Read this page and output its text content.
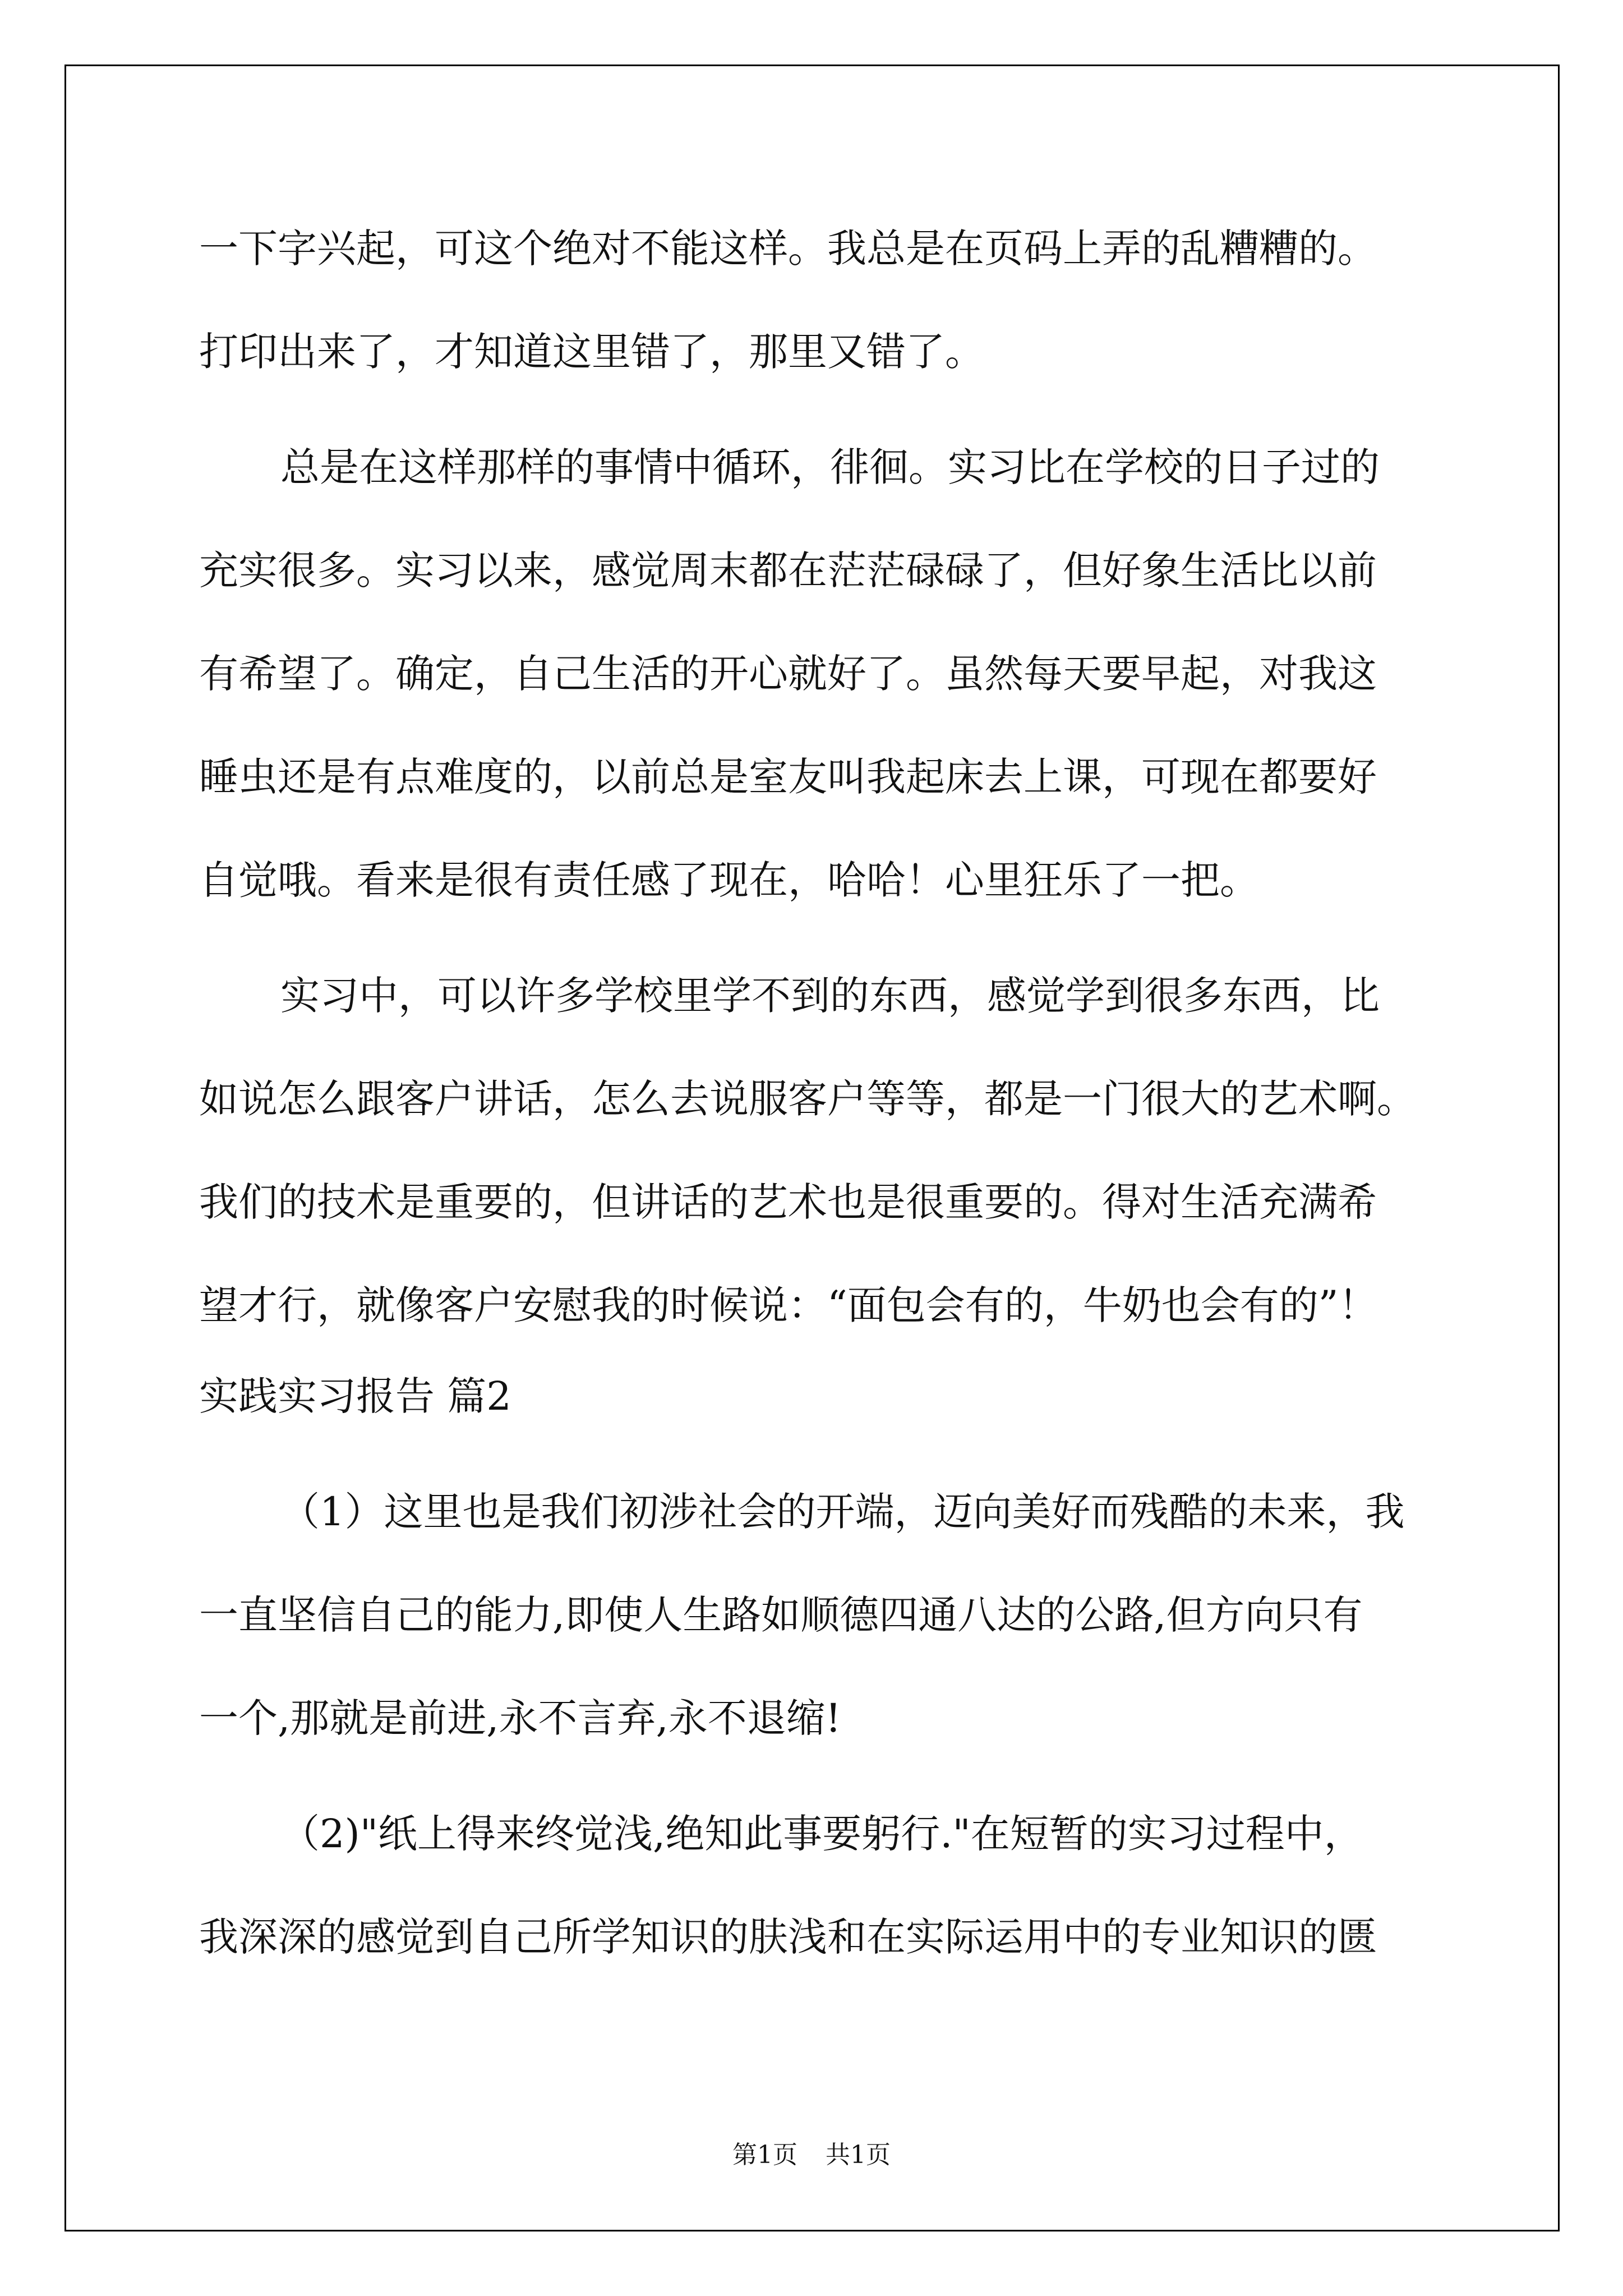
一下字兴起，可这个绝对不能这样。我总是在页码上弄的乱糟糟的。
打印出来了，才知道这里错了，那里又错了。
总是在这样那样的事情中循环，徘徊。实习比在学校的日子过的
充实很多。实习以来，感觉周末都在茫茫碌碌了，但好象生活比以前
有希望了。确定，自己生活的开心就好了。虽然每天要早起，对我这
睡虫还是有点难度的，以前总是室友叫我起床去上课，可现在都要好
自觉哦。看来是很有责任感了现在，哈哈！心里狂乐了一把。
实习中，可以许多学校里学不到的东西，感觉学到很多东西，比
如说怎么跟客户讲话，怎么去说服客户等等，都是一门很大的艺术啊。
我们的技术是重要的，但讲话的艺术也是很重要的。得对生活充满希
望才行，就像客户安慰我的时候说：“面包会有的，牛奶也会有的”！
实践实习报告 篇2
（1）这里也是我们初涉社会的开端，迈向美好而残酷的未来，我
一直坚信自己的能力,即使人生路如顺德四通八达的公路,但方向只有
一个,那就是前进,永不言弃,永不退缩!
（2)"纸上得来终觉浅,绝知此事要躬行."在短暂的实习过程中，
我深深的感觉到自己所学知识的肤浅和在实际运用中的专业知识的匮
第1页 共1页
